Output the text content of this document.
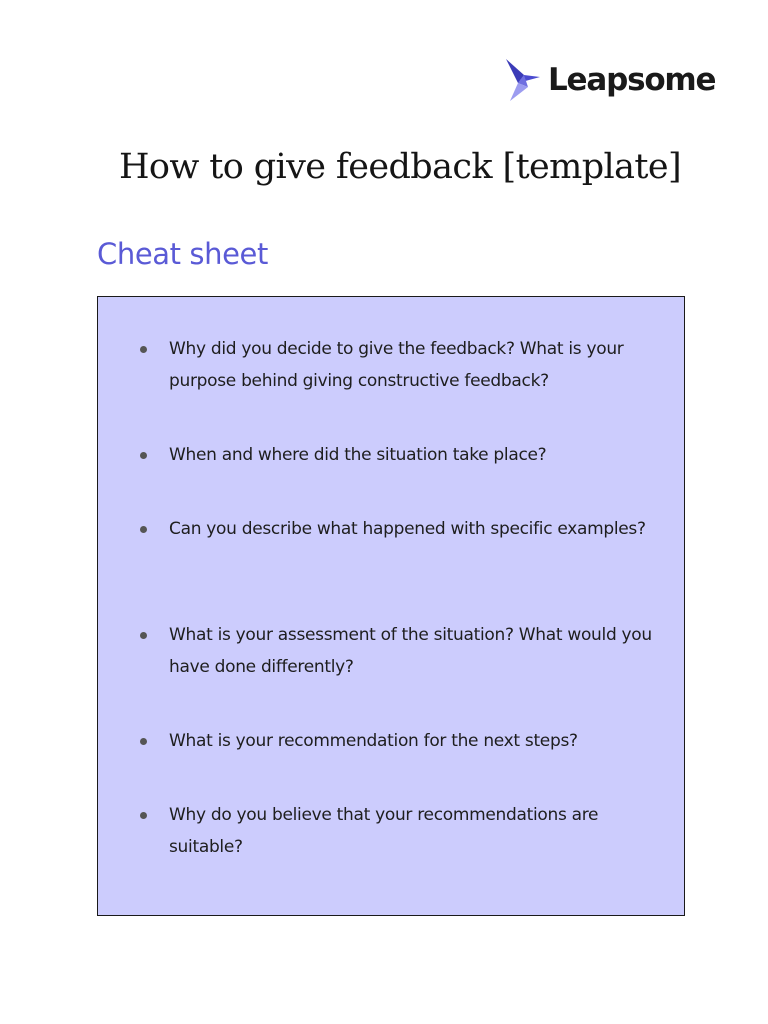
Leapsome
How to give feedback [template]
Cheat sheet
Why did you decide to give the feedback? What is your purpose behind giving constructive feedback?
When and where did the situation take place?
Can you describe what happened with specific examples?
What is your assessment of the situation? What would you have done differently?
What is your recommendation for the next steps?
Why do you believe that your recommendations are suitable?
